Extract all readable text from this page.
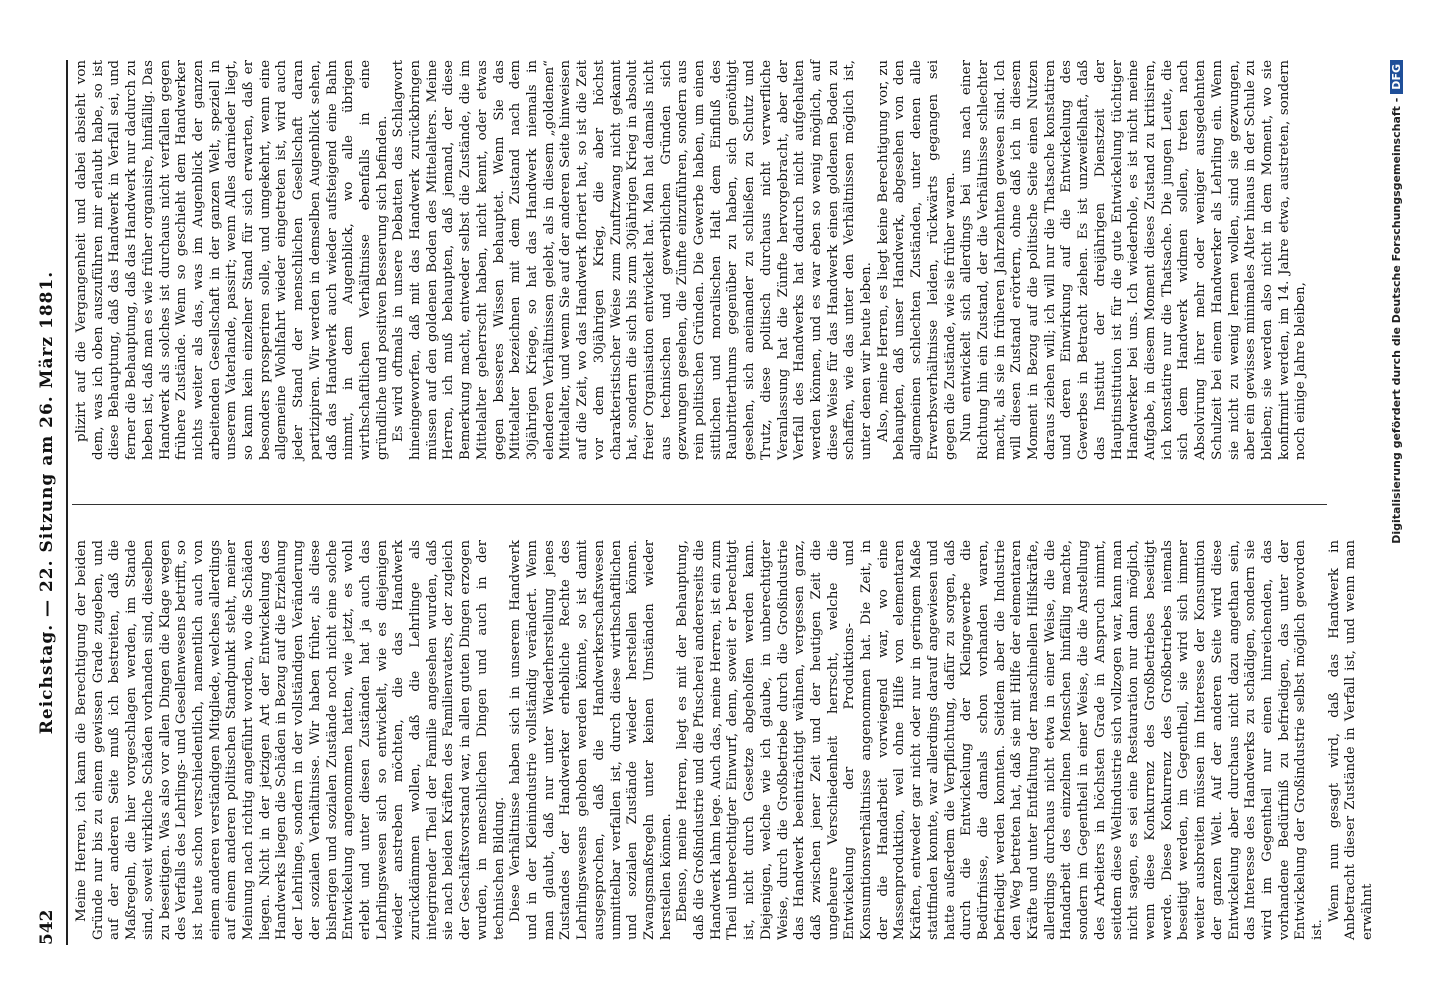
542
Reichstag. — 22. Sitzung am 26. März 1881. Meine Herren, ich kann die Berechtigung der beiden Gründe nur bis zu einem gewissen Grade zugeben, und auf der anderen Seite muß ich bestreiten, daß die Maßregeln, die hier vorgeschlagen werden, im Stande sind, soweit wirkliche Schäden vorhanden sind, dieselben zu beseitigen. Was also vor allen Dingen die Klage wegen des Verfalls des Lehrlings- und Gesellenwesens betrifft, so ist heute schon verschiedentlich, namentlich auch von einem anderen verständigen Mitgliede, welches allerdings auf einem anderen politischen Standpunkt steht, meiner Meinung nach richtig angeführt worden, wo die Schäden liegen. Nicht in der jetzigen Art der Entwickelung des Handwerks liegen die Schäden in Bezug auf die Erziehung der Lehrlinge, sondern in der vollständigen Veränderung der sozialen Verhältnisse. Wir haben früher, als diese bisherigen und sozialen Zustände noch nicht eine solche Entwickelung angenommen hatten, wie jetzt, es wohl erlebt und unter diesen Zuständen hat ja auch das Lehrlingswesen sich so entwickelt, wie es diejenigen wieder anstreben möchten, die das Handwerk zurückdämmen wollen, daß die Lehrlinge als integrirender Theil der Familie angesehen wurden, daß sie nach beiden Kräften des Familienvaters, der zugleich der Geschäftsvorstand war, in allen guten Dingen erzogen wurden, in menschlichen Dingen und auch in der technischen Bildung. Diese Verhältnisse haben sich in unserem Handwerk und in der Kleinindustrie vollständig verändert. Wenn man glaubt, daß nur unter Wiederherstellung jenes Zustandes der Handwerker erhebliche Rechte des Lehrlingswesens gehoben werden könnte, so ist damit ausgesprochen, daß die Handwerkerschaftswesen unmittelbar verfallen ist, durch diese wirthschaftlichen und sozialen Zustände wieder herstellen können. Zwangsmaßregeln unter keinen Umständen wieder herstellen können. Ebenso, meine Herren, liegt es mit der Behauptung, daß die Großindustrie und die Pfuscherei andererseits die Handwerk lahm lege. Auch das, meine Herren, ist ein zum Theil unberechtigter Einwurf, denn, soweit er berechtigt ist, nicht durch Gesetze abgeholfen werden kann. Diejenigen, welche wie ich glaube, in unberechtigter Weise, durch die Großbetriebe durch die Großindustrie das Handwerk beeinträchtigt wähnen, vergessen ganz, daß zwischen jener Zeit und der heutigen Zeit die ungeheure Verschiedenheit herrscht, welche die Entwickelung der Produktions- und Konsumtionsverhältnisse angenommen hat. Die Zeit, in der die Handarbeit vorwiegend war, wo eine Massenproduktion, weil ohne Hilfe von elementaren Kräften, entweder gar nicht oder nur in geringem Maße stattfinden konnte, war allerdings darauf angewiesen und hatte außerdem die Verpflichtung, dafür zu sorgen, daß durch die Entwickelung der Kleingewerbe die Bedürfnisse, die damals schon vorhanden waren, befriedigt werden konnten. Seitdem aber die Industrie den Weg betreten hat, daß sie mit Hilfe der elementaren Kräfte und unter Entfaltung der maschinellen Hilfskräfte, allerdings durchaus nicht etwa in einer Weise, die die Handarbeit des einzelnen Menschen hinfällig machte, sondern im Gegentheil in einer Weise, die die Anstellung des Arbeiters in höchsten Grade in Anspruch nimmt, seitdem diese Weltindustrie sich vollzogen war, kann man nicht sagen, es sei eine Restauration nur dann möglich, wenn diese Konkurrenz des Großbetriebes beseitigt werde. Diese Konkurrenz des Großbetriebes niemals beseitigt werden, im Gegentheil, sie wird sich immer weiter ausbreiten müssen im Interesse der Konsumtion der ganzen Welt. Auf der anderen Seite wird diese Entwickelung aber durchaus nicht dazu angethan sein, das Interesse des Handwerks zu schädigen, sondern sie wird im Gegentheil nur einen hinreichenden, das vorhandene Bedürfniß zu befriedigen, das unter der Entwickelung der Großindustrie selbst möglich geworden ist.

Wenn nun gesagt wird, daß das Handwerk in Anbetracht dieser Zustände in Verfall ist, und wenn man erwähnt

plizirt auf die Vergangenheit und dabei absieht von dem, was ich oben auszuführen mir erlaubt habe, so ist diese Behauptung, daß das Handwerk in Verfall sei, und ferner die Behauptung, daß das Handwerk nur dadurch zu heben ist, daß man es wie früher organisire, hinfällig. Das Handwerk als solches ist durchaus nicht verfallen gegen frühere Zustände. Wenn so geschieht dem Handwerker nichts weiter als das, was im Augenblick der ganzen arbeitenden Gesellschaft in der ganzen Welt, speziell in unserem Vaterlande, passirt; wenn Alles darnieder liegt, so kann kein einzelner Stand für sich erwarten, daß er besonders prosperiren solle, und umgekehrt, wenn eine allgemeine Wohlfahrt wieder eingetreten ist, wird auch jeder Stand der menschlichen Gesellschaft daran partizipiren. Wir werden in demselben Augenblick sehen, daß das Handwerk auch wieder aufsteigend eine Bahn nimmt, in dem Augenblick, wo alle übrigen wirthschaftlichen Verhältnisse ebenfalls in eine gründliche und positiven Besserung sich befinden. Es wird oftmals in unsere Debatten das Schlagwort hineingeworfen, daß mit das Handwerk zurückbringen müssen auf den goldenen Boden des Mittelalters. Meine Herren, ich muß behaupten, daß jemand, der diese Bemerkung macht, entweder selbst die Zustände, die im Mittelalter geherrscht haben, nicht kennt, oder etwas gegen besseres Wissen behauptet. Wenn Sie das Mittelalter bezeichnen mit dem Zustand nach dem 30jährigen Kriege, so hat das Handwerk niemals in elenderen Verhältnissen gelebt, als in diesem „goldenen“ Mittelalter, und wenn Sie auf der anderen Seite hinweisen auf die Zeit, wo das Handwerk floriert hat, so ist die Zeit vor dem 30jährigen Krieg, die aber höchst charakteristischer Weise zum Zunftzwang nicht gekannt hat, sondern die sich bis zum 30jährigen Krieg in absolut freier Organisation entwickelt hat. Man hat damals nicht aus technischen und gewerblichen Gründen sich gezwungen gesehen, die Zünfte einzuführen, sondern aus rein politischen Gründen. Die Gewerbe haben, um einen sittlichen und moralischen Halt dem Einfluß des Raubritterthums gegenüber zu haben, sich genöthigt gesehen, sich aneinander zu schließen zu Schutz und Trutz, diese politisch durchaus nicht verwerfliche Veranlassung hat die Zünfte hervorgebracht, aber der Verfall des Handwerks hat dadurch nicht aufgehalten werden können, und es war eben so wenig möglich, auf diese Weise für das Handwerk einen goldenen Boden zu schaffen, wie das unter den Verhältnissen möglich ist, unter denen wir heute leben. Also, meine Herren, es liegt keine Berechtigung vor, zu behaupten, daß unser Handwerk, abgesehen von den allgemeinen schlechten Zuständen, unter denen alle Erwerbsverhältnisse leiden, rückwärts gegangen sei gegen die Zustände, wie sie früher waren. Nun entwickelt sich allerdings bei uns nach einer Richtung hin ein Zustand, der die Verhältnisse schlechter macht, als sie in früheren Jahrzehnten gewesen sind. Ich will diesen Zustand erörtern, ohne daß ich in diesem Moment in Bezug auf die politische Seite einen Nutzen daraus ziehen will; ich will nur die Thatsache konstatiren und deren Einwirkung auf die Entwickelung des Gewerbes in Betracht ziehen. Es ist unzweifelhaft, daß das Institut der dreijährigen Dienstzeit der Hauptinstitution ist für die gute Entwickelung tüchtiger Handwerker bei uns. Ich wiederhole, es ist nicht meine Aufgabe, in diesem Moment dieses Zustand zu kritisiren, ich konstatire nur die Thatsache. Die jungen Leute, die sich dem Handwerk widmen sollen, treten nach Absolvirung ihrer mehr oder weniger ausgedehnten Schulzeit bei einem Handwerker als Lehrling ein. Wenn sie nicht zu wenig lernen wollen, sind sie gezwungen, aber ein gewisses minimales Alter hinaus in der Schule zu bleiben; sie werden also nicht in dem Moment, wo sie konfirmirt werden, im 14. Jahre etwa, austreten, sondern noch einige Jahre bleiben,	Digitalisierung gefördert durch die Deutsche Forschungsgemeinschaft -DFG
